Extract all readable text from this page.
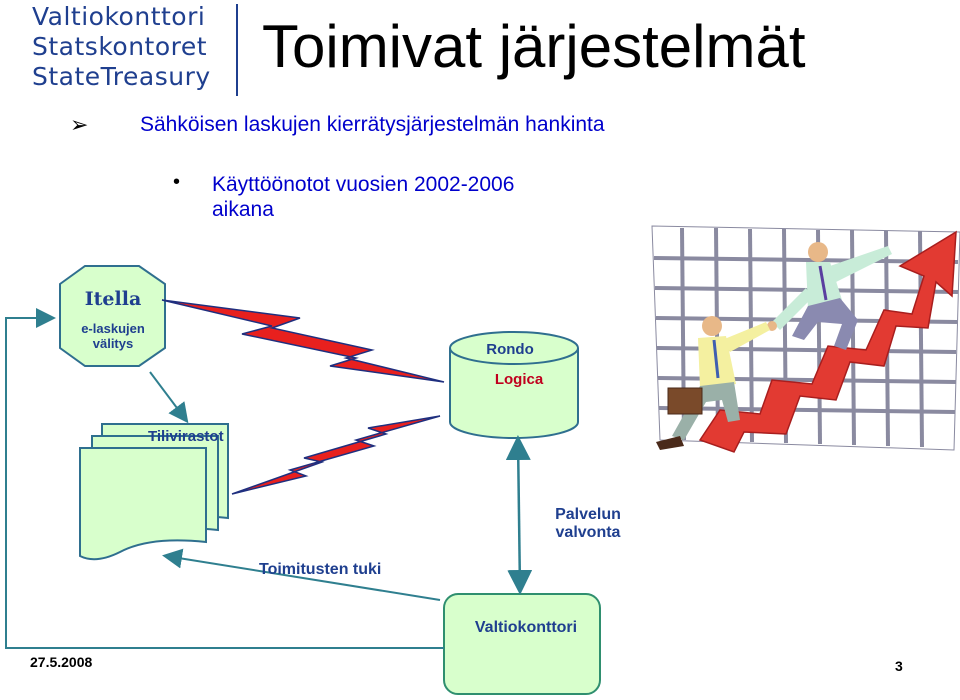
Valtiokonttori
Statskontoret
StateTreasury Toimivat järjestelmät
➢ Sähköisen laskujen kierrätysjärjestelmän hankinta
• Käyttöönotot vuosien 2002-2006 aikana
Itella
e-laskujen välitys	Rondo
Logica
Tilivirastot
Toimitusten tuki
Palvelun valvonta
Valtiokonttori
27.5.2008	3
